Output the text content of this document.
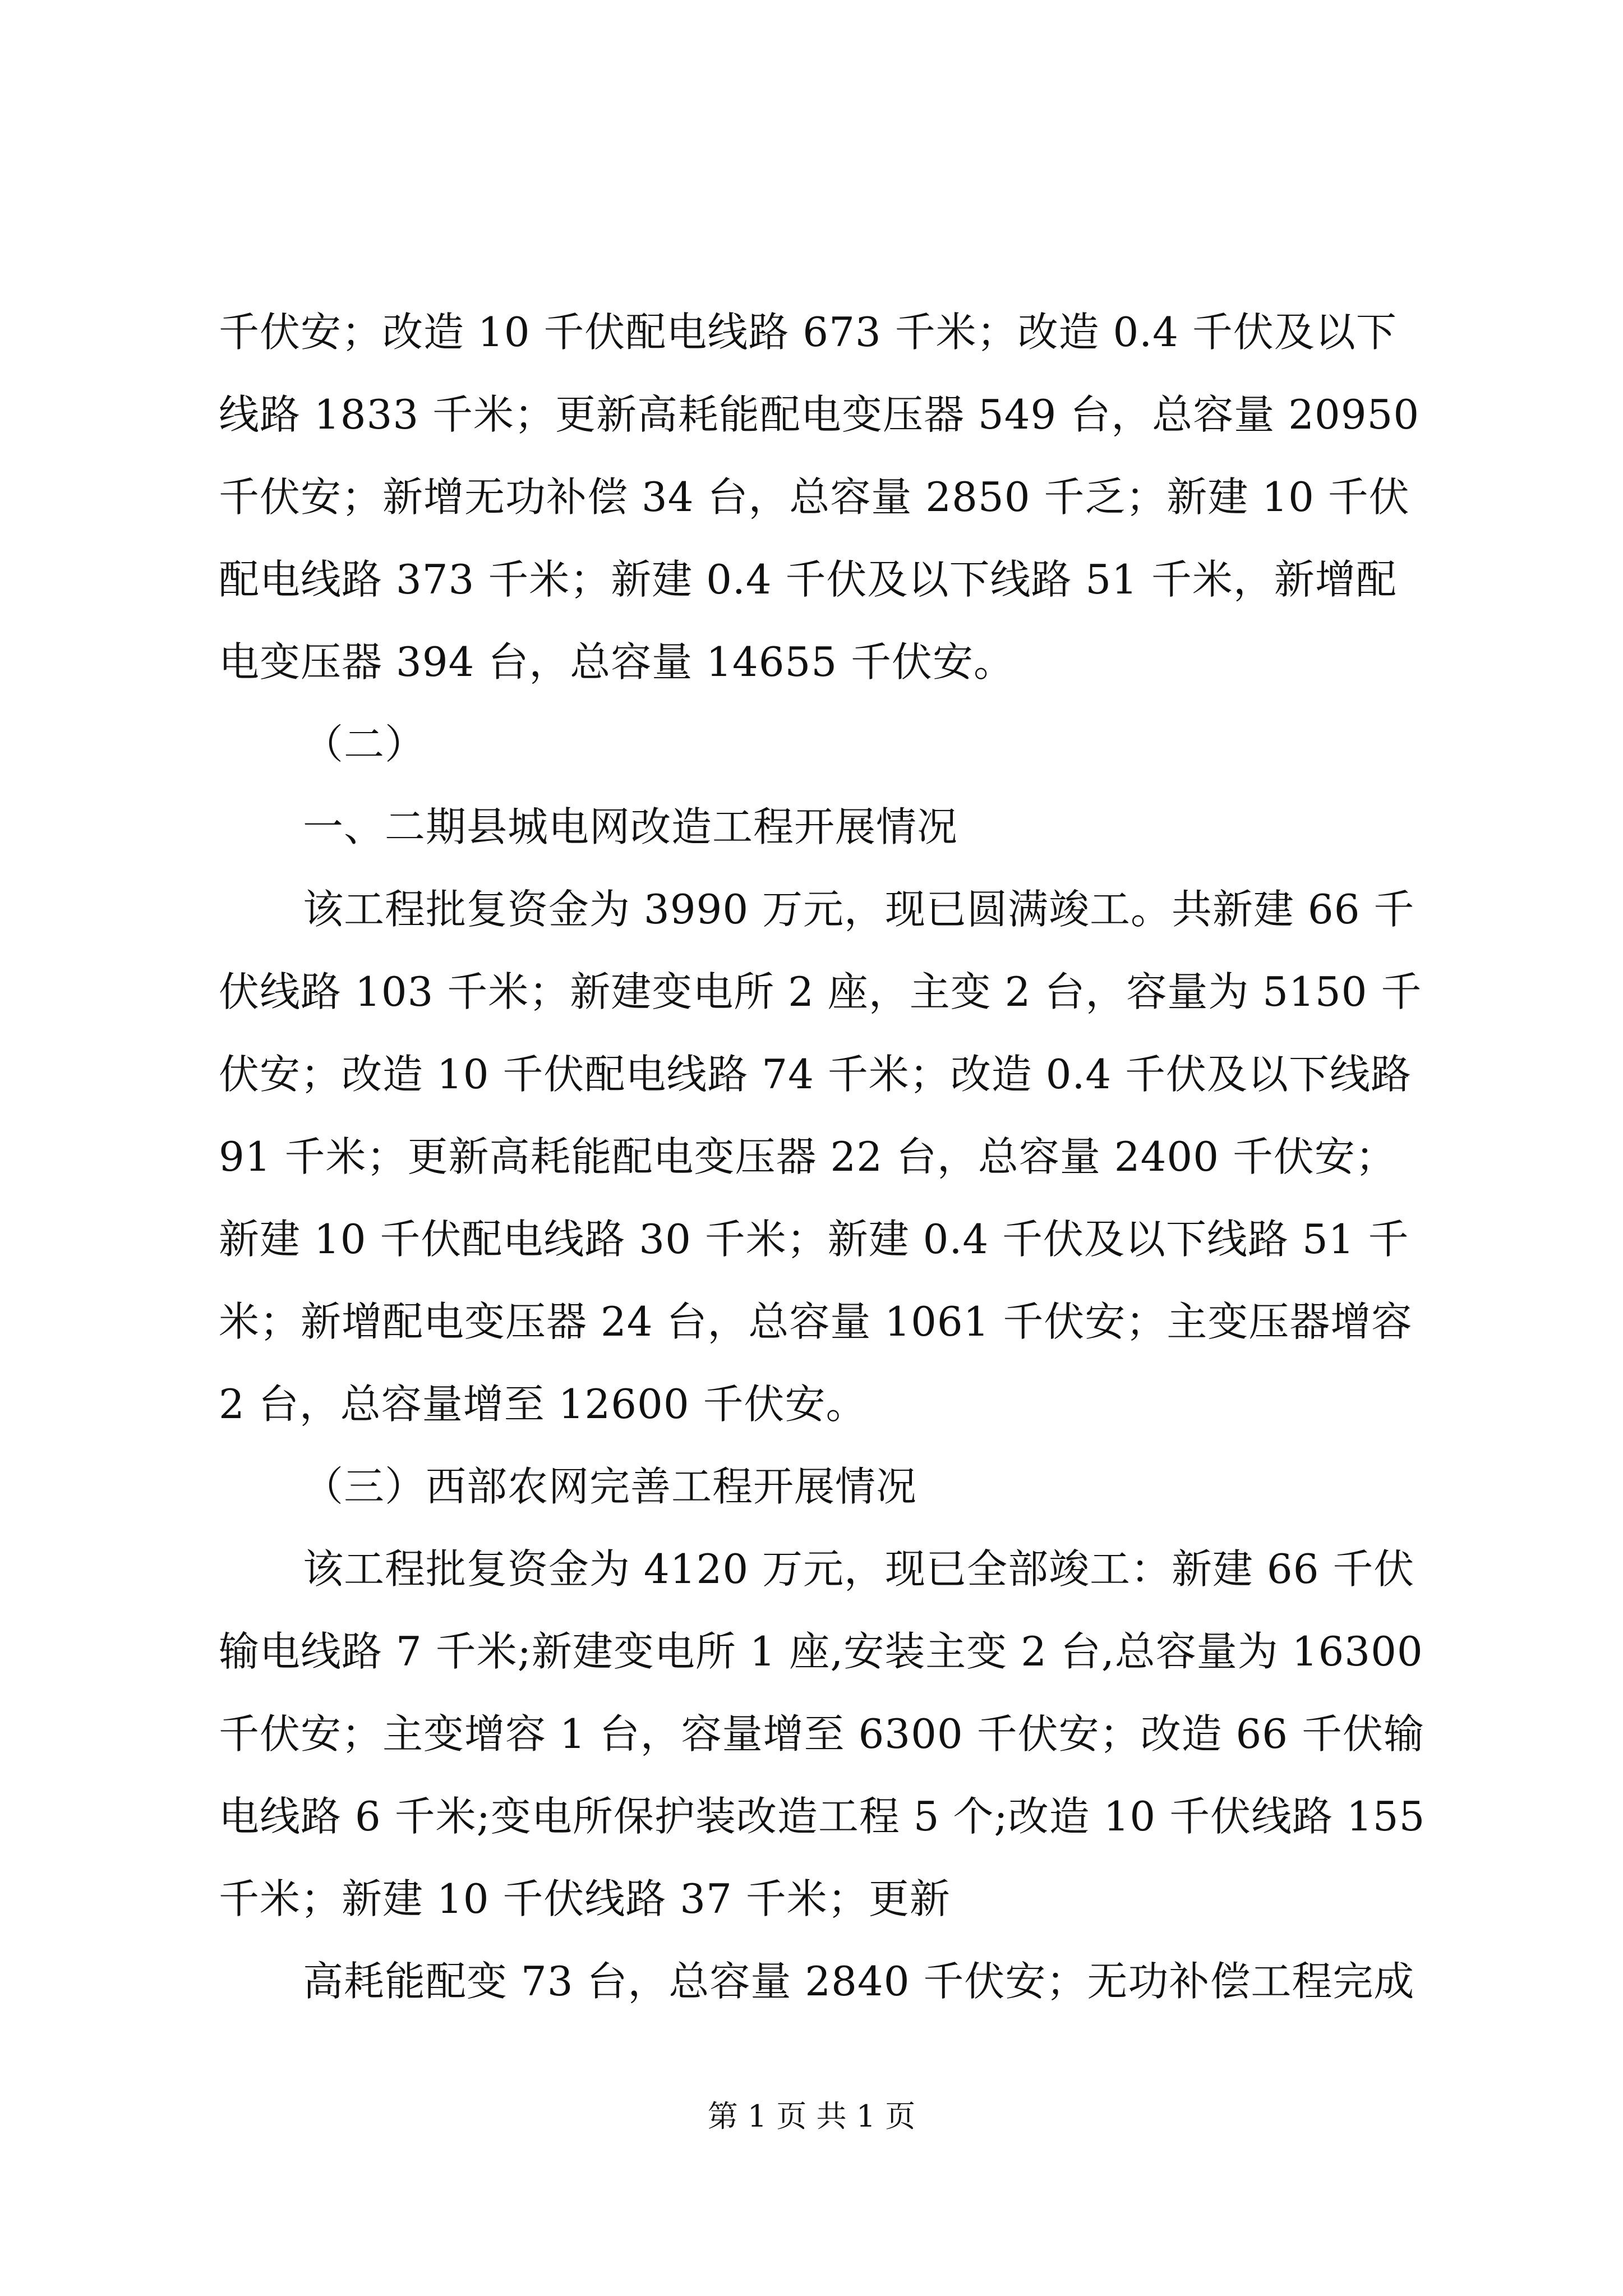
千伏安；改造 10 千伏配电线路 673 千米；改造 0.4 千伏及以下
线路 1833 千米；更新高耗能配电变压器 549 台，总容量 20950
千伏安；新增无功补偿 34 台，总容量 2850 千乏；新建 10 千伏
配电线路 373 千米；新建 0.4 千伏及以下线路 51 千米，新增配
电变压器 394 台，总容量 14655 千伏安。
（二）
一、二期县城电网改造工程开展情况
该工程批复资金为 3990 万元，现已圆满竣工。共新建 66 千
伏线路 103 千米；新建变电所 2 座，主变 2 台，容量为 5150 千
伏安；改造 10 千伏配电线路 74 千米；改造 0.4 千伏及以下线路
91 千米；更新高耗能配电变压器 22 台，总容量 2400 千伏安；
新建 10 千伏配电线路 30 千米；新建 0.4 千伏及以下线路 51 千
米；新增配电变压器 24 台，总容量 1061 千伏安；主变压器增容
2 台，总容量增至 12600 千伏安。
（三）西部农网完善工程开展情况
该工程批复资金为 4120 万元，现已全部竣工：新建 66 千伏
输电线路 7 千米;新建变电所 1 座,安装主变 2 台,总容量为 16300
千伏安；主变增容 1 台，容量增至 6300 千伏安；改造 66 千伏输
电线路 6 千米;变电所保护装改造工程 5 个;改造 10 千伏线路 155
千米；新建 10 千伏线路 37 千米；更新
高耗能配变 73 台，总容量 2840 千伏安；无功补偿工程完成
第 1 页 共 1 页
